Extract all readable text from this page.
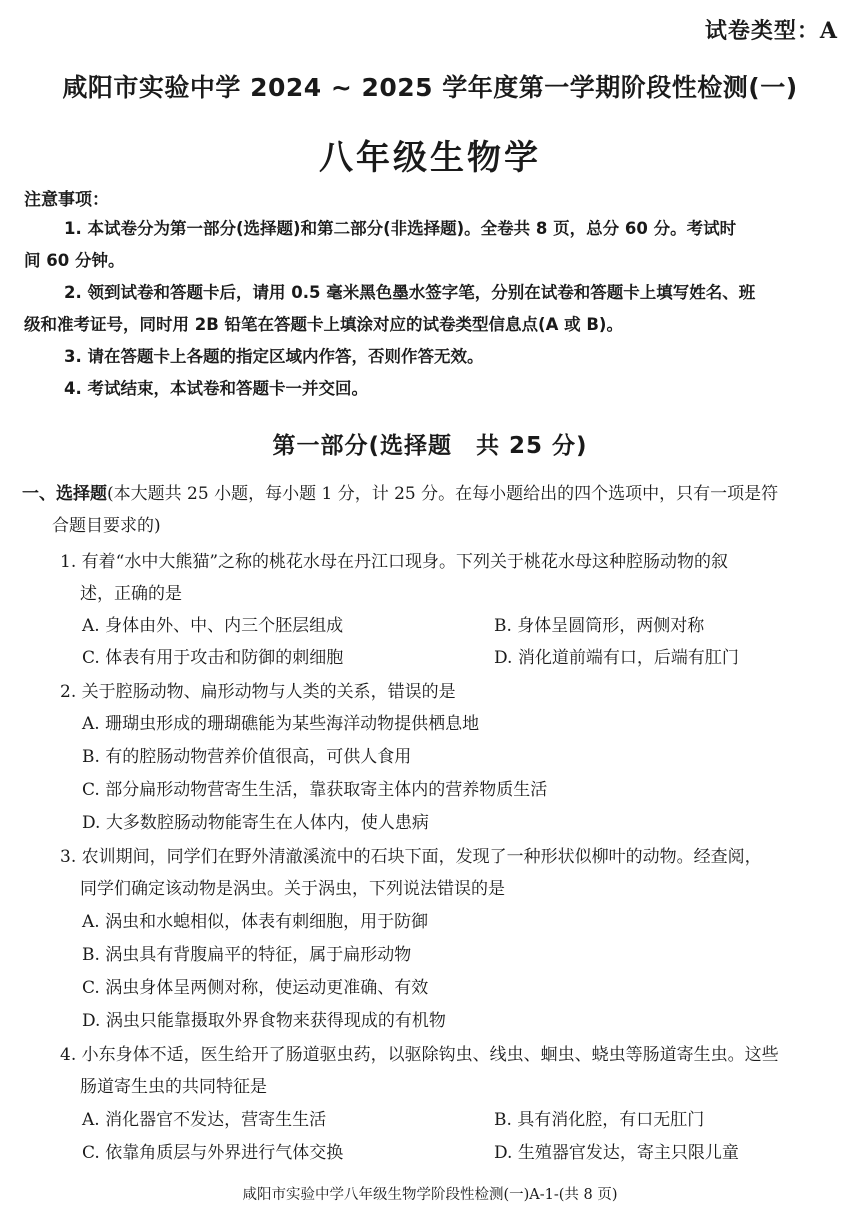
试卷类型：A
咸阳市实验中学 2024 ~ 2025 学年度第一学期阶段性检测(一)
八年级生物学
注意事项：
1. 本试卷分为第一部分(选择题)和第二部分(非选择题)。全卷共 8 页，总分 60 分。考试时
间 60 分钟。
2. 领到试卷和答题卡后，请用 0.5 毫米黑色墨水签字笔，分别在试卷和答题卡上填写姓名、班
级和准考证号，同时用 2B 铅笔在答题卡上填涂对应的试卷类型信息点(A 或 B)。
3. 请在答题卡上各题的指定区域内作答，否则作答无效。
4. 考试结束，本试卷和答题卡一并交回。
第一部分(选择题　共 25 分)
一、选择题(本大题共 25 小题，每小题 1 分，计 25 分。在每小题给出的四个选项中，只有一项是符
合题目要求的)
1. 有着“水中大熊猫”之称的桃花水母在丹江口现身。下列关于桃花水母这种腔肠动物的叙
述，正确的是
A. 身体由外、中、内三个胚层组成	B. 身体呈圆筒形，两侧对称
C. 体表有用于攻击和防御的刺细胞	D. 消化道前端有口，后端有肛门
2. 关于腔肠动物、扁形动物与人类的关系，错误的是
A. 珊瑚虫形成的珊瑚礁能为某些海洋动物提供栖息地
B. 有的腔肠动物营养价值很高，可供人食用
C. 部分扁形动物营寄生生活，靠获取寄主体内的营养物质生活
D. 大多数腔肠动物能寄生在人体内，使人患病
3. 农训期间，同学们在野外清澈溪流中的石块下面，发现了一种形状似柳叶的动物。经查阅，
同学们确定该动物是涡虫。关于涡虫，下列说法错误的是
A. 涡虫和水螅相似，体表有刺细胞，用于防御
B. 涡虫具有背腹扁平的特征，属于扁形动物
C. 涡虫身体呈两侧对称，使运动更准确、有效
D. 涡虫只能靠摄取外界食物来获得现成的有机物
4. 小东身体不适，医生给开了肠道驱虫药，以驱除钩虫、线虫、蛔虫、蛲虫等肠道寄生虫。这些
肠道寄生虫的共同特征是
A. 消化器官不发达，营寄生生活	B. 具有消化腔，有口无肛门
C. 依靠角质层与外界进行气体交换	D. 生殖器官发达，寄主只限儿童
咸阳市实验中学八年级生物学阶段性检测(一)A-1-(共 8 页)
